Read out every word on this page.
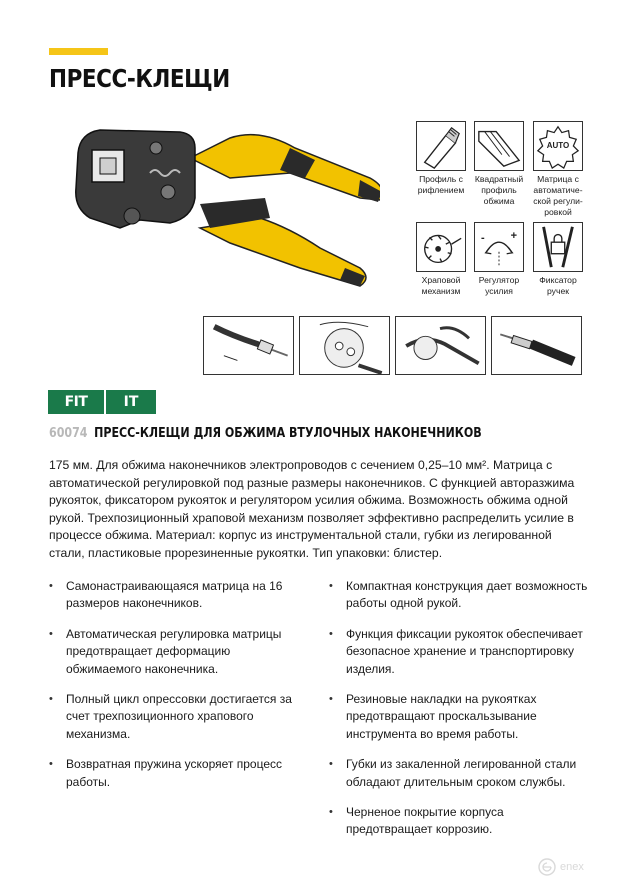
ПРЕСС-КЛЕЩИ
Профиль с рифлением
Квадратный профиль обжима
AUTO
Матрица с автоматиче-ской регули-ровкой
Храповой механизм
- +
Регулятор усилия
Фиксатор ручек
FIT	IT
60074 ПРЕСС-КЛЕЩИ ДЛЯ ОБЖИМА ВТУЛОЧНЫХ НАКОНЕЧНИКОВ
175 мм. Для обжима наконечников электропроводов с сечением 0,25–10 мм². Матрица с автоматической регулировкой под разные размеры наконечников. С функцией авторазжима рукояток, фиксатором рукояток и регулятором усилия обжима. Возможность обжима одной рукой. Трехпозиционный храповой механизм позволяет эффективно распределить усилие в процессе обжима. Материал: корпус из инструментальной стали, губки из легированной стали, пластиковые прорезиненные рукоятки. Тип упаковки: блистер.
• Самонастраивающаяся матрица на 16 размеров наконечников.
• Автоматическая регулировка матрицы предотвращает деформацию обжимаемого наконечника.
• Полный цикл опрессовки достигается за счет трехпозиционного храпового механизма.
• Возвратная пружина ускоряет процесс работы.
• Компактная конструкция дает возможность работы одной рукой.
• Функция фиксации рукояток обеспечивает безопасное хранение и транспортировку изделия.
• Резиновые накладки на рукоятках предотвращают проскальзывание инструмента во время работы.
• Губки из закаленной легированной стали обладают длительным сроком службы.
• Черненое покрытие корпуса предотвращает коррозию.
enex
